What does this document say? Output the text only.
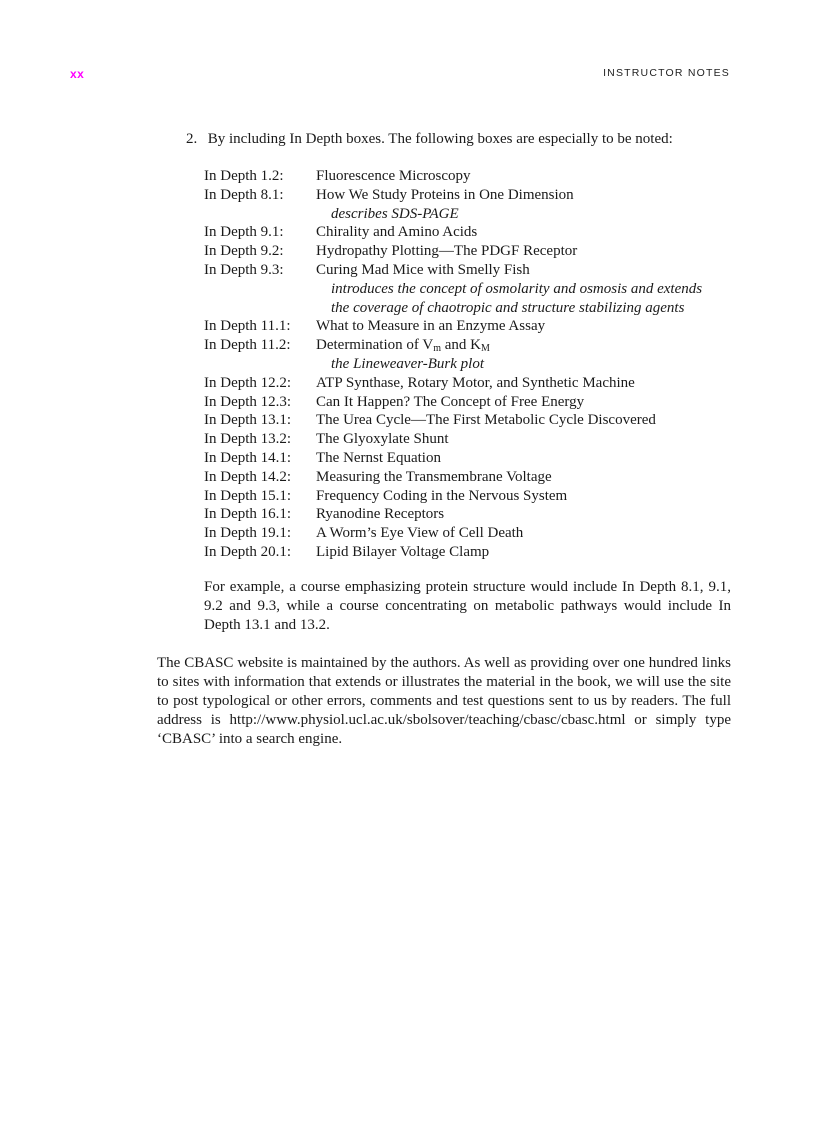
xx	INSTRUCTOR NOTES
2. By including In Depth boxes. The following boxes are especially to be noted:
In Depth 1.2: Fluorescence Microscopy
In Depth 8.1: How We Study Proteins in One Dimension
describes SDS-PAGE
In Depth 9.1: Chirality and Amino Acids
In Depth 9.2: Hydropathy Plotting—The PDGF Receptor
In Depth 9.3: Curing Mad Mice with Smelly Fish
introduces the concept of osmolarity and osmosis and extends
the coverage of chaotropic and structure stabilizing agents
In Depth 11.1: What to Measure in an Enzyme Assay
In Depth 11.2: Determination of $V_m$ and $K_M$
the Lineweaver-Burk plot
In Depth 12.2: ATP Synthase, Rotary Motor, and Synthetic Machine
In Depth 12.3: Can It Happen? The Concept of Free Energy
In Depth 13.1: The Urea Cycle—The First Metabolic Cycle Discovered
In Depth 13.2: The Glyoxylate Shunt
In Depth 14.1: The Nernst Equation
In Depth 14.2: Measuring the Transmembrane Voltage
In Depth 15.1: Frequency Coding in the Nervous System
In Depth 16.1: Ryanodine Receptors
In Depth 19.1: A Worm’s Eye View of Cell Death
In Depth 20.1: Lipid Bilayer Voltage Clamp
For example, a course emphasizing protein structure would include In Depth 8.1, 9.1, 9.2 and 9.3, while a course concentrating on metabolic pathways would include In Depth 13.1 and 13.2.
The CBASC website is maintained by the authors. As well as providing over one hundred links to sites with information that extends or illustrates the material in the book, we will use the site to post typological or other errors, comments and test questions sent to us by readers. The full address is http://www.physiol.ucl.ac.uk/sbolsover/teaching/cbasc/cbasc.html or simply type ‘CBASC’ into a search engine.
